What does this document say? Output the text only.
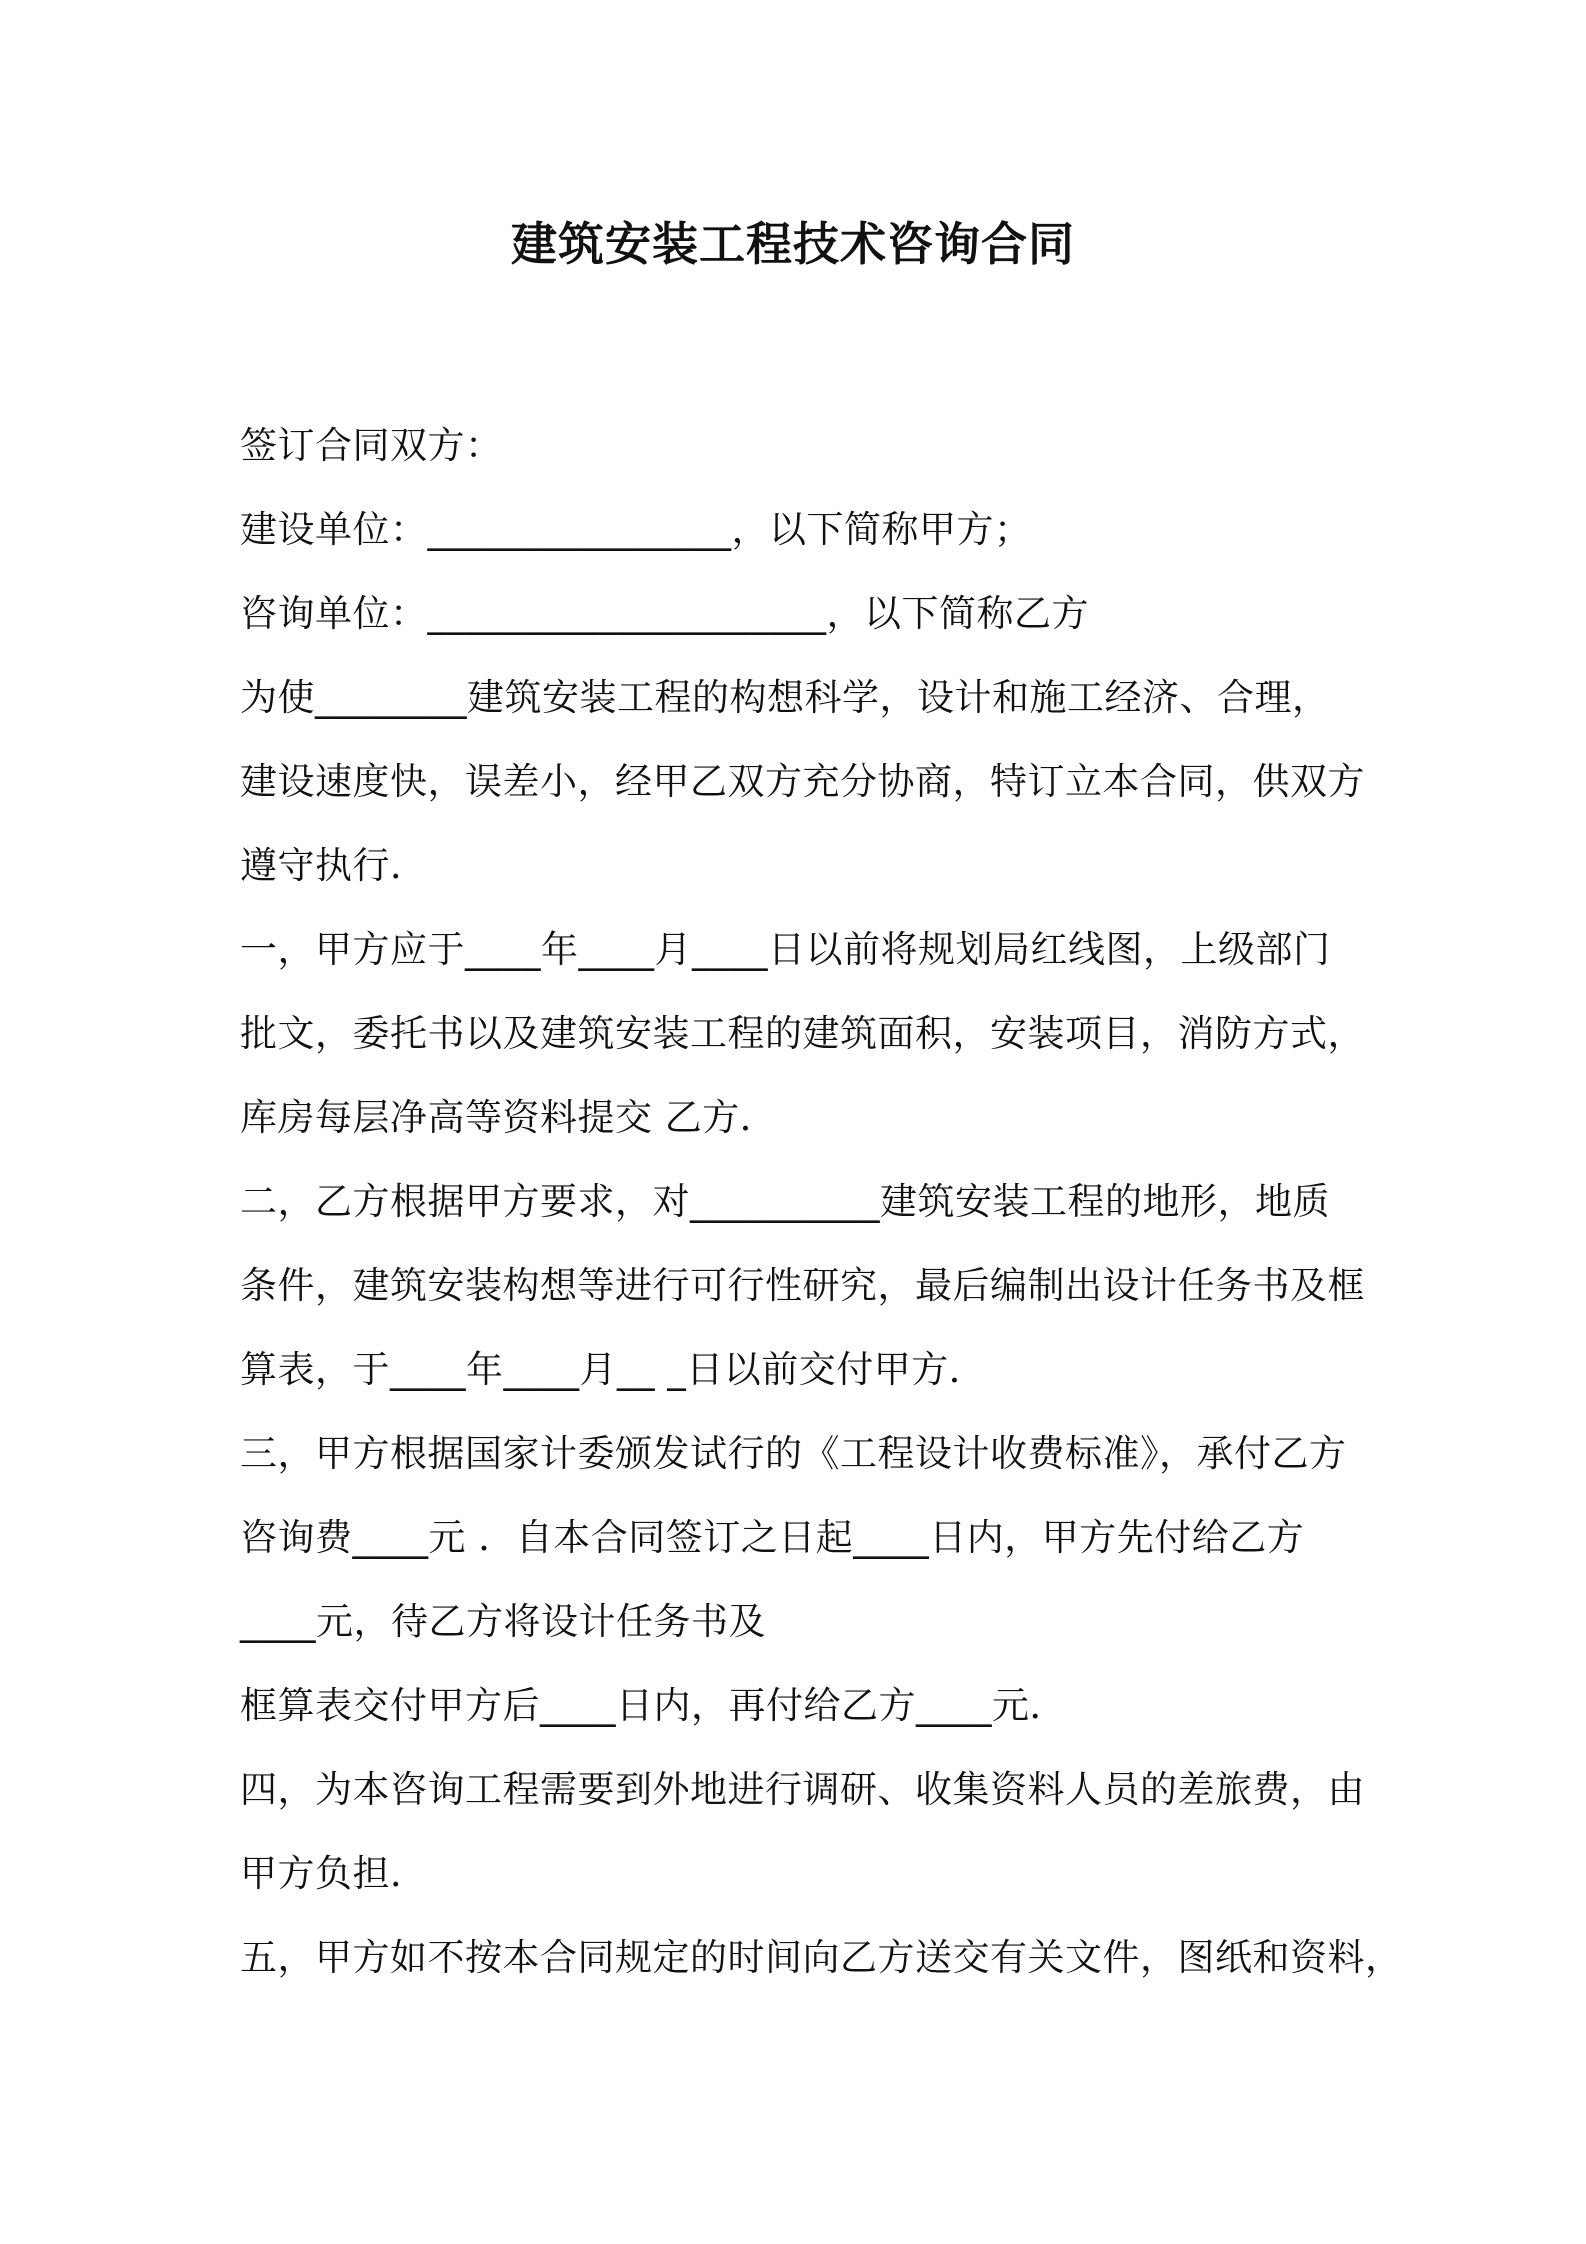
建筑安装工程技术咨询合同
签订合同双方：
建设单位：________________，以下简称甲方；
咨询单位：_____________________，以下简称乙方
为使________建筑安装工程的构想科学，设计和施工经济、合理，
建设速度快，误差小，经甲乙双方充分协商，特订立本合同，供双方
遵守执行．
一，甲方应于____年____月____日以前将规划局红线图，上级部门
批文，委托书以及建筑安装工程的建筑面积，安装项目，消防方式，
库房每层净高等资料提交 乙方．
二，乙方根据甲方要求，对__________建筑安装工程的地形，地质
条件，建筑安装构想等进行可行性研究，最后编制出设计任务书及框
算表，于____年____月__ _日以前交付甲方．
三，甲方根据国家计委颁发试行的《工程设计收费标准》，承付乙方
咨询费____元 ．自本合同签订之日起____日内，甲方先付给乙方
____元，待乙方将设计任务书及
框算表交付甲方后____日内，再付给乙方____元．
四，为本咨询工程需要到外地进行调研、收集资料人员的差旅费，由
甲方负担．
五，甲方如不按本合同规定的时间向乙方送交有关文件，图纸和资料，
